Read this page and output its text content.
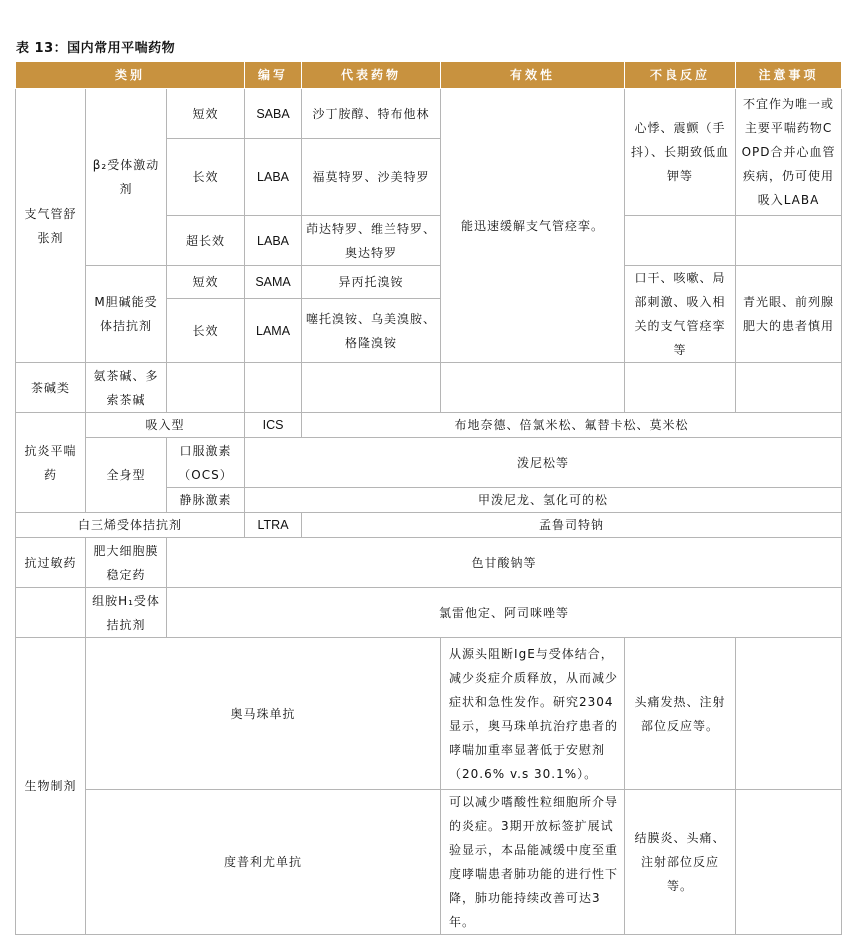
表 13：国内常用平喘药物
类别			编写	代表药物	有效性	不良反应	注意事项
支气管舒张剂	β₂受体激动剂	短效	SABA	沙丁胺醇、特布他林	能迅速缓解支气管痉挛。	心悸、震颤（手抖）、长期致低血钾等	不宜作为唯一或主要平喘药物COPD合并心血管疾病，仍可使用吸入LABA
		长效	LABA	福莫特罗、沙美特罗			
		超长效	LABA	茚达特罗、维兰特罗、奥达特罗			
	M胆碱能受体拮抗剂	短效	SAMA	异丙托溴铵		口干、咳嗽、局部刺激、吸入相关的支气管痉挛等	青光眼、前列腺肥大的患者慎用
		长效	LAMA	噻托溴铵、乌美溴胺、格隆溴铵			
茶碱类	氨茶碱、多索茶碱						
抗炎平喘药	吸入型		ICS	布地奈德、倍氯米松、氟替卡松、莫米松			
	全身型	口服激素（OCS）	泼尼松等				
		静脉激素	甲泼尼龙、氢化可的松				
白三烯受体拮抗剂			LTRA	孟鲁司特钠			
抗过敏药	肥大细胞膜稳定药	色甘酸钠等					
	组胺H₁受体拮抗剂	氯雷他定、阿司咪唑等					
生物制剂	奥马珠单抗				从源头阻断IgE与受体结合，减少炎症介质释放，从而减少症状和急性发作。研究2304显示，奥马珠单抗治疗患者的哮喘加重率显著低于安慰剂（20.6% v.s 30.1%）。	头痛发热、注射部位反应等。	
	度普利尤单抗				可以减少嗜酸性粒细胞所介导的炎症。3期开放标签扩展试验显示，本品能减缓中度至重度哮喘患者肺功能的进行性下降，肺功能持续改善可达3年。	结膜炎、头痛、注射部位反应等。	
